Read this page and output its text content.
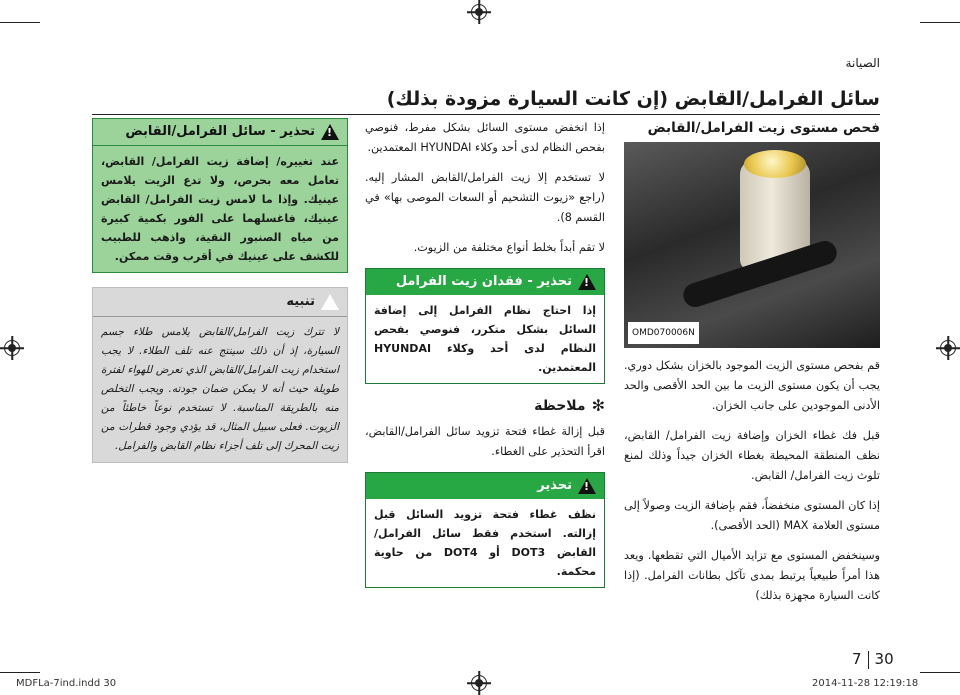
الصيانة
سائل الفرامل/القابض (إن كانت السيارة مزودة بذلك)
فحص مستوى زيت الفرامل/القابض
OMD070006N

قم بفحص مستوى الزيت الموجود بالخزان بشكل دوري. يجب أن يكون مستوى الزيت ما بين الحد الأقصى والحد الأدنى الموجودين على جانب الخزان.

قبل فك غطاء الخزان وإضافة زيت الفرامل/ القابض، نظف المنطقة المحيطة بغطاء الخزان جيداً وذلك لمنع تلوث زيت الفرامل/ القابض.

إذا كان المستوى منخفضاً، فقم بإضافة الزيت وصولاً إلى مستوى العلامة MAX (الحد الأقصى).

وسينخفض المستوى مع تزايد الأميال التي تقطعها. ويعد هذا أمراً طبيعياً يرتبط بمدى تآكل بطانات الفرامل. (إذا كانت السيارة مجهزة بذلك)

إذا انخفض مستوى السائل بشكل مفرط، فنوصي بفحص النظام لدى أحد وكلاء HYUNDAI المعتمدين.

لا تستخدم إلا زيت الفرامل/القابض المشار إليه. (راجع «زيوت التشحيم أو السعات الموصى بها» في القسم 8).

لا تقم أبداً بخلط أنواع مختلفة من الزيوت.

!
تحذير - فقدان زيت الفرامل
إذا احتاج نظام الفرامل إلى إضافة السائل بشكل متكرر، فنوصي بفحص النظام لدى أحد وكلاء HYUNDAI المعتمدين.
✻
ملاحظة

قبل إزالة غطاء فتحة تزويد سائل الفرامل/القابض، اقرأ التحذير على الغطاء.

!
تحذير
نظف غطاء فتحة تزويد السائل قبل إزالته. استخدم فقط سائل الفرامل/القابض DOT3 أو DOT4 من حاوية محكمة.
!
تحذير - سائل الفرامل/القابض
عند تغييره/ إضافة زيت الفرامل/ القابض، تعامل معه بحرص، ولا تدع الزيت يلامس عينيك. وإذا ما لامس زيت الفرامل/ القابض عينيك، فاغسلهما على الفور بكمية كبيرة من مياه الصنبور النقية، واذهب للطبيب للكشف على عينيك في أقرب وقت ممكن.
!
تنبيه
لا تترك زيت الفرامل/القابض يلامس طلاء جسم السيارة، إذ أن ذلك سينتج عنه تلف الطلاء. لا يجب استخدام زيت الفرامل/القابض الذي تعرض للهواء لفترة طويلة حيث أنه لا يمكن ضمان جودته. ويجب التخلص منه بالطريقة المناسبة. لا تستخدم نوعاً خاطئاً من الزيوت. فعلى سبيل المثال، قد يؤدي وجود قطرات من زيت المحرك إلى تلف أجزاء نظام القابض والفرامل.
7 30
MDFLa-7ind.indd 30	2014-11-28 12:19:18
